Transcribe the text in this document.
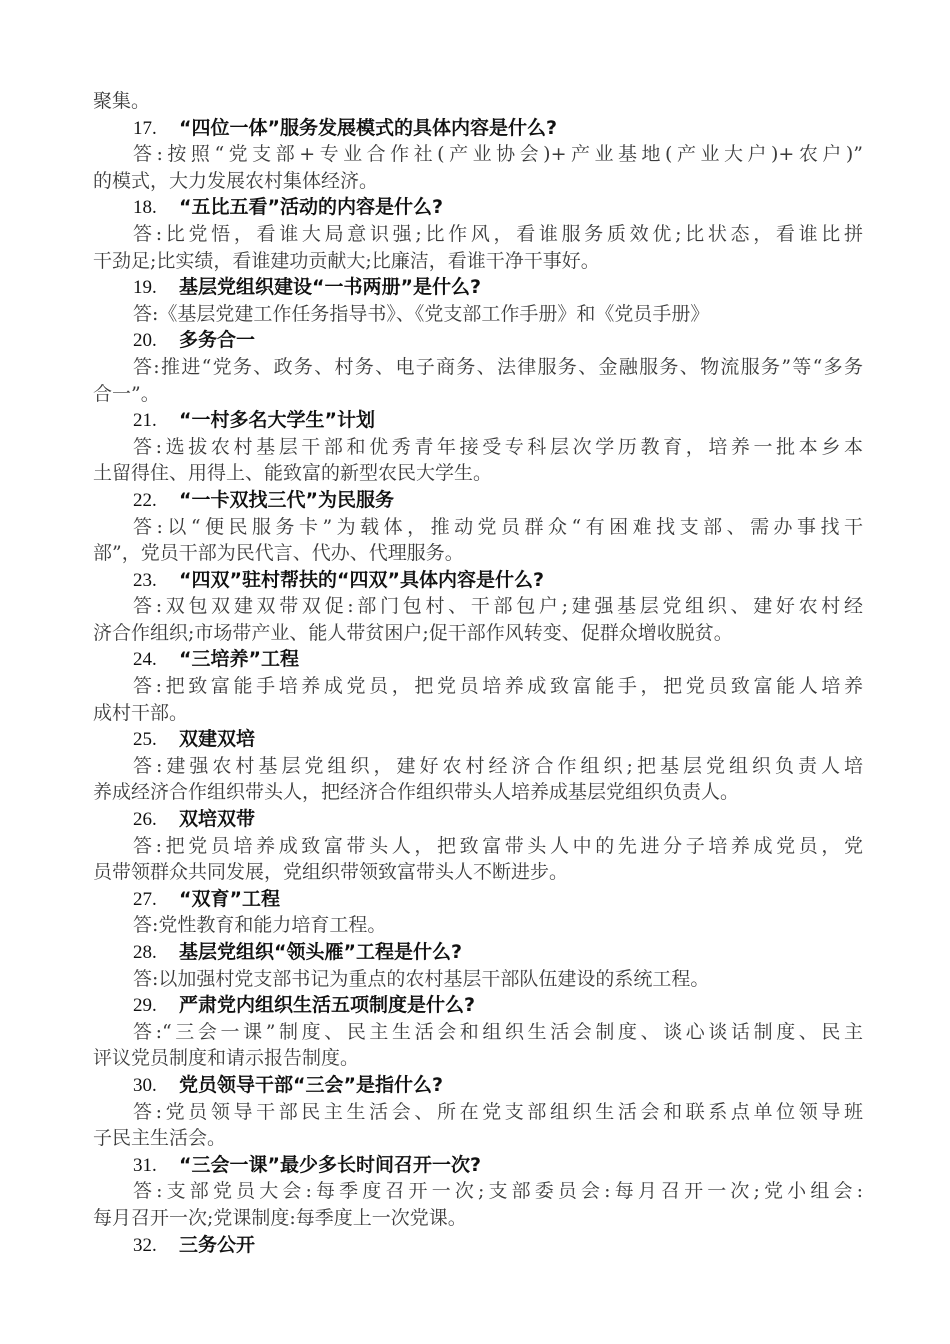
聚集。
17. “四位一体”服务发展模式的具体内容是什么?
答:按照“党支部+专业合作社(产业协会)+产业基地(产业大户)+农户)”
的模式，大力发展农村集体经济。
18. “五比五看”活动的内容是什么?
答:比党悟，看谁大局意识强;比作风，看谁服务质效优;比状态，看谁比拼
干劲足;比实绩，看谁建功贡献大;比廉洁，看谁干净干事好。
19. 基层党组织建设“一书两册”是什么?
答:《基层党建工作任务指导书》、《党支部工作手册》和《党员手册》
20. 多务合一
答:推进“党务、政务、村务、电子商务、法律服务、金融服务、物流服务”等“多务
合一”。
21. “一村多名大学生”计划
答:选拔农村基层干部和优秀青年接受专科层次学历教育，培养一批本乡本
土留得住、用得上、能致富的新型农民大学生。
22. “一卡双找三代”为民服务
答:以“便民服务卡”为载体，推动党员群众“有困难找支部、需办事找干
部”，党员干部为民代言、代办、代理服务。
23. “四双”驻村帮扶的“四双”具体内容是什么?
答:双包双建双带双促:部门包村、干部包户;建强基层党组织、建好农村经
济合作组织;市场带产业、能人带贫困户;促干部作风转变、促群众增收脱贫。
24. “三培养”工程
答:把致富能手培养成党员，把党员培养成致富能手，把党员致富能人培养
成村干部。
25. 双建双培
答:建强农村基层党组织，建好农村经济合作组织;把基层党组织负责人培
养成经济合作组织带头人，把经济合作组织带头人培养成基层党组织负责人。
26. 双培双带
答:把党员培养成致富带头人，把致富带头人中的先进分子培养成党员，党
员带领群众共同发展，党组织带领致富带头人不断进步。
27. “双育”工程
答:党性教育和能力培育工程。
28. 基层党组织“领头雁”工程是什么?
答:以加强村党支部书记为重点的农村基层干部队伍建设的系统工程。
29. 严肃党内组织生活五项制度是什么?
答:“三会一课”制度、民主生活会和组织生活会制度、谈心谈话制度、民主
评议党员制度和请示报告制度。
30. 党员领导干部“三会”是指什么?
答:党员领导干部民主生活会、所在党支部组织生活会和联系点单位领导班
子民主生活会。
31. “三会一课”最少多长时间召开一次?
答:支部党员大会:每季度召开一次;支部委员会:每月召开一次;党小组会:
每月召开一次;党课制度:每季度上一次党课。
32. 三务公开
